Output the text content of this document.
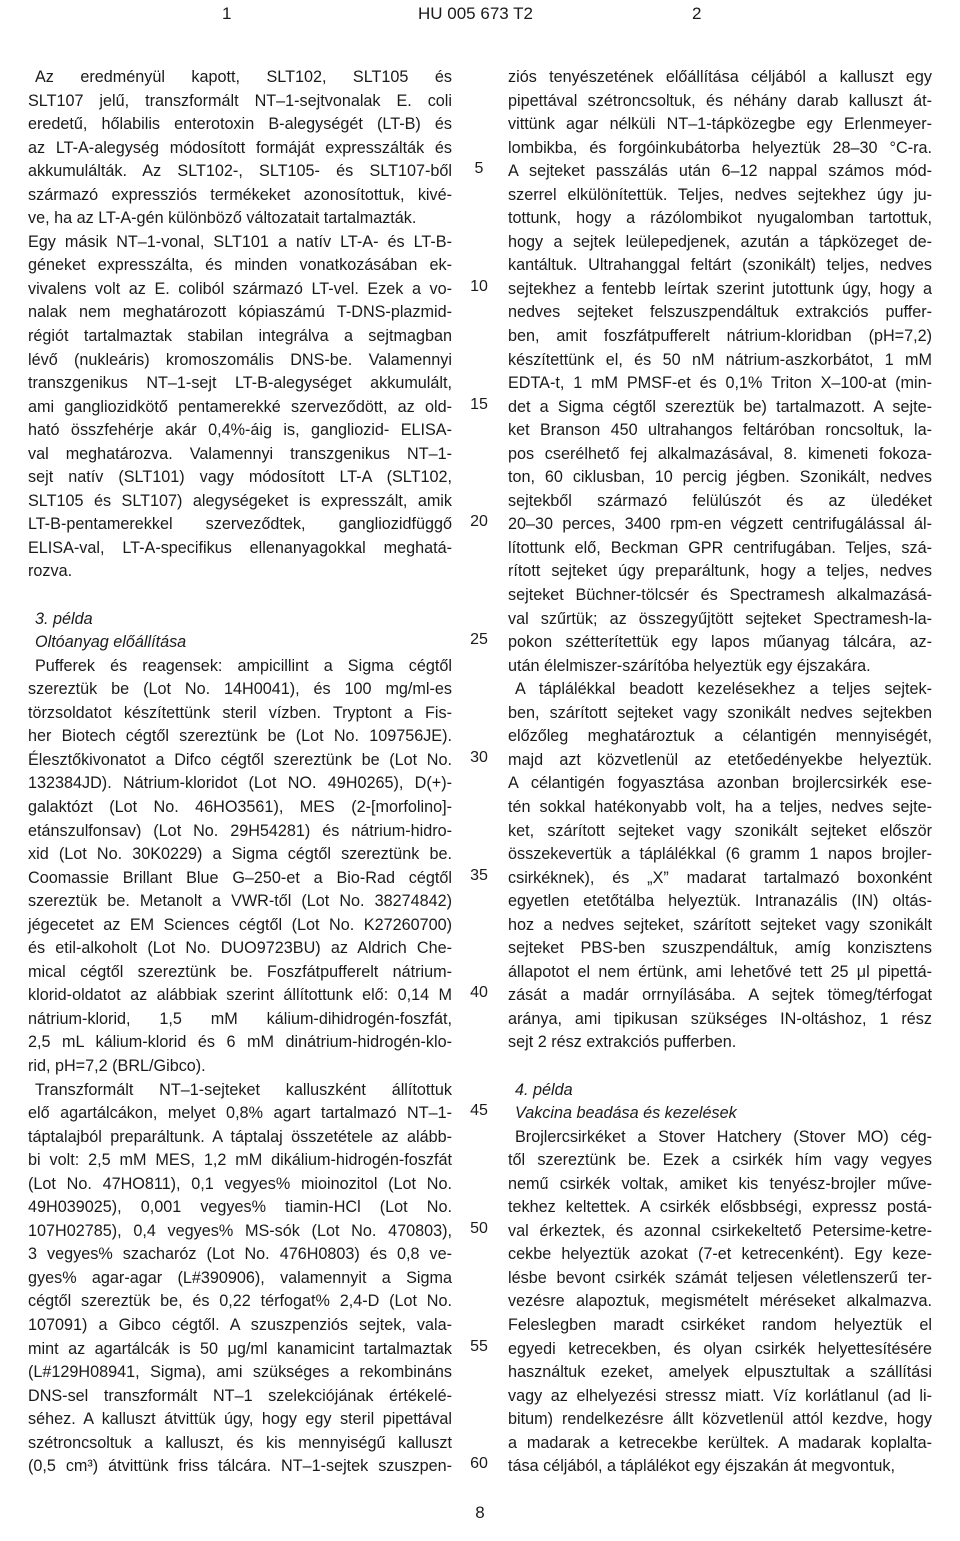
1	HU 005 673 T2	2
Az eredményül kapott, SLT102, SLT105 és
SLT107 jelű, transzformált NT–1-sejtvonalak E. coli
eredetű, hőlabilis enterotoxin B-alegységét (LT-B) és
az LT-A-alegység módosított formáját expresszálták és
akkumulálták. Az SLT102-, SLT105- és SLT107-ből
származó expressziós termékeket azonosítottuk, kivé-
ve, ha az LT-A-gén különböző változatait tartalmazták.
Egy másik NT–1-vonal, SLT101 a natív LT-A- és LT-B-
géneket expresszálta, és minden vonatkozásában ek-
vivalens volt az E. coliból származó LT-vel. Ezek a vo-
nalak nem meghatározott kópiaszámú T-DNS-plazmid-
régiót tartalmaztak stabilan integrálva a sejtmagban
lévő (nukleáris) kromoszomális DNS-be. Valamennyi
transzgenikus NT–1-sejt LT-B-alegységet akkumulált,
ami gangliozidkötő pentamerekké szerveződött, az old-
ható összfehérje akár 0,4%-áig is, gangliozid- ELISA-
val meghatározva. Valamennyi transzgenikus NT–1-
sejt natív (SLT101) vagy módosított LT-A (SLT102,
SLT105 és SLT107) alegységeket is expresszált, amik
LT-B-pentamerekkel szerveződtek, gangliozidfüggő
ELISA-val, LT-A-specifikus ellenanyagokkal meghatá-
rozva.
3. példa
Oltóanyag előállítása
Pufferek és reagensek: ampicillint a Sigma cégtől
szereztük be (Lot No. 14H0041), és 100 mg/ml-es
törzsoldatot készítettünk steril vízben. Tryptont a Fis-
her Biotech cégtől szereztünk be (Lot No. 109756JE).
Élesztőkivonatot a Difco cégtől szereztünk be (Lot No.
132384JD). Nátrium-kloridot (Lot NO. 49H0265), D(+)-
galaktózt (Lot No. 46HO3561), MES (2-[morfolino]-
etánszulfonsav) (Lot No. 29H54281) és nátrium-hidro-
xid (Lot No. 30K0229) a Sigma cégtől szereztünk be.
Coomassie Brillant Blue G–250-et a Bio-Rad cégtől
szereztük be. Metanolt a VWR-től (Lot No. 38274842)
jégecetet az EM Sciences cégtől (Lot No. K27260700)
és etil-alkoholt (Lot No. DUO9723BU) az Aldrich Che-
mical cégtől szereztünk be. Foszfátpufferelt nátrium-
klorid-oldatot az alábbiak szerint állítottunk elő: 0,14 M
nátrium-klorid, 1,5 mM kálium-dihidrogén-foszfát,
2,5 mL kálium-klorid és 6 mM dinátrium-hidrogén-klo-
rid, pH=7,2 (BRL/Gibco).
Transzformált NT–1-sejteket kalluszként állítottuk
elő agartálcákon, melyet 0,8% agart tartalmazó NT–1-
táptalajból preparáltunk. A táptalaj összetétele az alább-
bi volt: 2,5 mM MES, 1,2 mM dikálium-hidrogén-foszfát
(Lot No. 47HO811), 0,1 vegyes% mioinozitol (Lot No.
49H039025), 0,001 vegyes% tiamin-HCl (Lot No.
107H02785), 0,4 vegyes% MS-sók (Lot No. 470803),
3 vegyes% szacharóz (Lot No. 476H0803) és 0,8 ve-
gyes% agar-agar (L#390906), valamennyit a Sigma
cégtől szereztük be, és 0,22 térfogat% 2,4-D (Lot No.
107091) a Gibco cégtől. A szuszpenziós sejtek, vala-
mint az agartálcák is 50 μg/ml kanamicint tartalmaztak
(L#129H08941, Sigma), ami szükséges a rekombináns
DNS-sel transzformált NT–1 szelekciójának értékelé-
séhez. A kalluszt átvittük úgy, hogy egy steril pipettával
szétroncsoltuk a kalluszt, és kis mennyiségű kalluszt
(0,5 cm³) átvittünk friss tálcára. NT–1-sejtek szuszpen-
ziós tenyészetének előállítása céljából a kalluszt egy
pipettával szétroncsoltuk, és néhány darab kalluszt át-
vittünk agar nélküli NT–1-tápközegbe egy Erlenmeyer-
lombikba, és forgóinkubátorba helyeztük 28–30 °C-ra.
A sejteket passzálás után 6–12 nappal számos mód-
szerrel elkülönítettük. Teljes, nedves sejtekhez úgy ju-
tottunk, hogy a rázólombikot nyugalomban tartottuk,
hogy a sejtek leülepedjenek, azután a tápközeget de-
kantáltuk. Ultrahanggal feltárt (szonikált) teljes, nedves
sejtekhez a fentebb leírtak szerint jutottunk úgy, hogy a
nedves sejteket felszuszpendáltuk extrakciós puffer-
ben, amit foszfátpufferelt nátrium-kloridban (pH=7,2)
készítettünk el, és 50 nM nátrium-aszkorbátot, 1 mM
EDTA-t, 1 mM PMSF-et és 0,1% Triton X–100-at (min-
det a Sigma cégtől szereztük be) tartalmazott. A sejte-
ket Branson 450 ultrahangos feltáróban roncsoltuk, la-
pos cserélhető fej alkalmazásával, 8. kimeneti fokoza-
ton, 60 ciklusban, 10 percig jégben. Szonikált, nedves
sejtekből származó felülúszót és az üledéket
20–30 perces, 3400 rpm-en végzett centrifugálással ál-
lítottunk elő, Beckman GPR centrifugában. Teljes, szá-
rított sejteket úgy preparáltunk, hogy a teljes, nedves
sejteket Büchner-tölcsér és Spectramesh alkalmazásá-
val szűrtük; az összegyűjtött sejteket Spectramesh-la-
pokon szétterítettük egy lapos műanyag tálcára, az-
után élelmiszer-szárítóba helyeztük egy éjszakára.
A táplálékkal beadott kezelésekhez a teljes sejtek-
ben, szárított sejteket vagy szonikált nedves sejtekben
előzőleg meghatároztuk a célantigén mennyiségét,
majd azt közvetlenül az etetőedényekbe helyeztük.
A célantigén fogyasztása azonban brojlercsirkék ese-
tén sokkal hatékonyabb volt, ha a teljes, nedves sejte-
ket, szárított sejteket vagy szonikált sejteket először
összekevertük a táplálékkal (6 gramm 1 napos brojler-
csirkéknek), és „X” madarat tartalmazó boxonként
egyetlen etetőtálba helyeztük. Intranazális (IN) oltás-
hoz a nedves sejteket, szárított sejteket vagy szonikált
sejteket PBS-ben szuszpendáltuk, amíg konzisztens
állapotot el nem értünk, ami lehetővé tett 25 μl pipettá-
zását a madár orrnyílásába. A sejtek tömeg/térfogat
aránya, ami tipikusan szükséges IN-oltáshoz, 1 rész
sejt 2 rész extrakciós pufferben.
4. példa
Vakcina beadása és kezelések
Brojlercsirkéket a Stover Hatchery (Stover MO) cég-
től szereztünk be. Ezek a csirkék hím vagy vegyes
nemű csirkék voltak, amiket kis tenyész-brojler műve-
tekhez keltettek. A csirkék elősbbségi, expressz postá-
val érkeztek, és azonnal csirkekeltető Petersime-ketre-
cekbe helyeztük azokat (7-et ketrecenként). Egy keze-
lésbe bevont csirkék számát teljesen véletlenszerű ter-
vezésre alapoztuk, megismételt méréseket alkalmazva.
Feleslegben maradt csirkéket random helyeztük el
egyedi ketrecekben, és olyan csirkék helyettesítésére
használtuk ezeket, amelyek elpusztultak a szállítási
vagy az elhelyezési stressz miatt. Víz korlátlanul (ad li-
bitum) rendelkezésre állt közvetlenül attól kezdve, hogy
a madarak a ketrecekbe kerültek. A madarak koplalta-
tása céljából, a táplálékot egy éjszakán át megvontuk,
5
10
15
20
25
30
35
40
45
50
55
60
8
